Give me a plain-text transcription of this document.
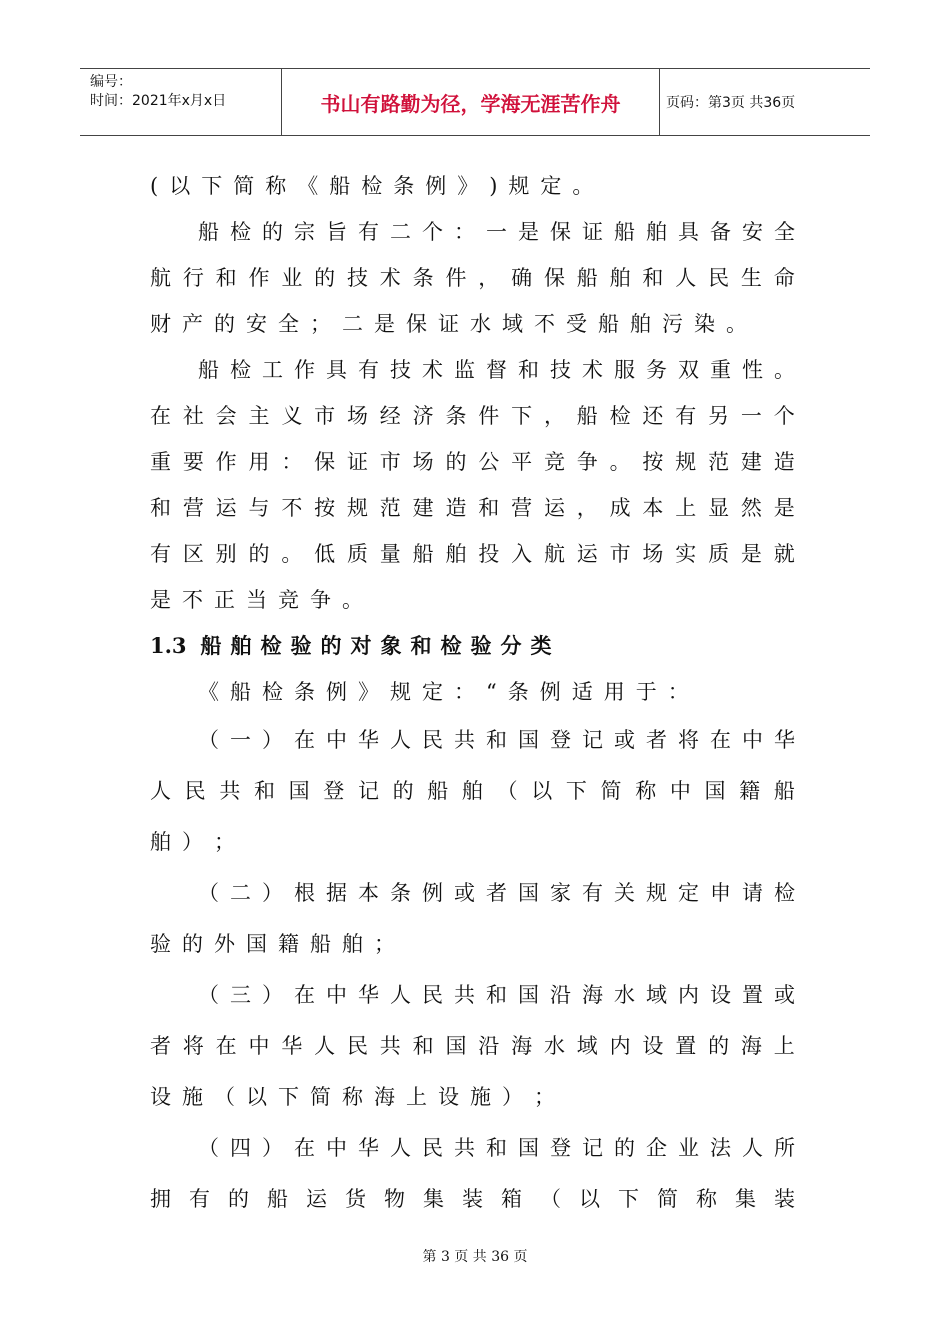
编号：
时间：2021年x月x日	书山有路勤为径，学海无涯苦作舟	页码：第3页 共36页
( 以 下 简 称 《 船 检 条 例 》 ) 规 定 。
船 检 的 宗 旨 有 二 个 ： 一 是 保 证 船 舶 具 备 安 全
航 行 和 作 业 的 技 术 条 件 ， 确 保 船 舶 和 人 民 生 命
财 产 的 安 全 ； 二 是 保 证 水 域 不 受 船 舶 污 染 。
船 检 工 作 具 有 技 术 监 督 和 技 术 服 务 双 重 性 。
在 社 会 主 义 市 场 经 济 条 件 下 ， 船 检 还 有 另 一 个
重 要 作 用 ： 保 证 市 场 的 公 平 竞 争 。 按 规 范 建 造
和 营 运 与 不 按 规 范 建 造 和 营 运 ， 成 本 上 显 然 是
有 区 别 的 。 低 质 量 船 舶 投 入 航 运 市 场 实 质 是 就
是 不 正 当 竞 争 。
1.3 船 舶 检 验 的 对 象 和 检 验 分 类
《 船 检 条 例 》 规 定 ： “ 条 例 适 用 于 ：
（ 一 ） 在 中 华 人 民 共 和 国 登 记 或 者 将 在 中 华
人 民 共 和 国 登 记 的 船 舶 （ 以 下 简 称 中 国 籍 船
舶 ） ；
（ 二 ） 根 据 本 条 例 或 者 国 家 有 关 规 定 申 请 检
验 的 外 国 籍 船 舶 ；
（ 三 ） 在 中 华 人 民 共 和 国 沿 海 水 域 内 设 置 或
者 将 在 中 华 人 民 共 和 国 沿 海 水 域 内 设 置 的 海 上
设 施 （ 以 下 简 称 海 上 设 施 ） ；
（ 四 ） 在 中 华 人 民 共 和 国 登 记 的 企 业 法 人 所
拥 有 的 船 运 货 物 集 装 箱 （ 以 下 简 称 集 装
第 3 页 共 36 页
